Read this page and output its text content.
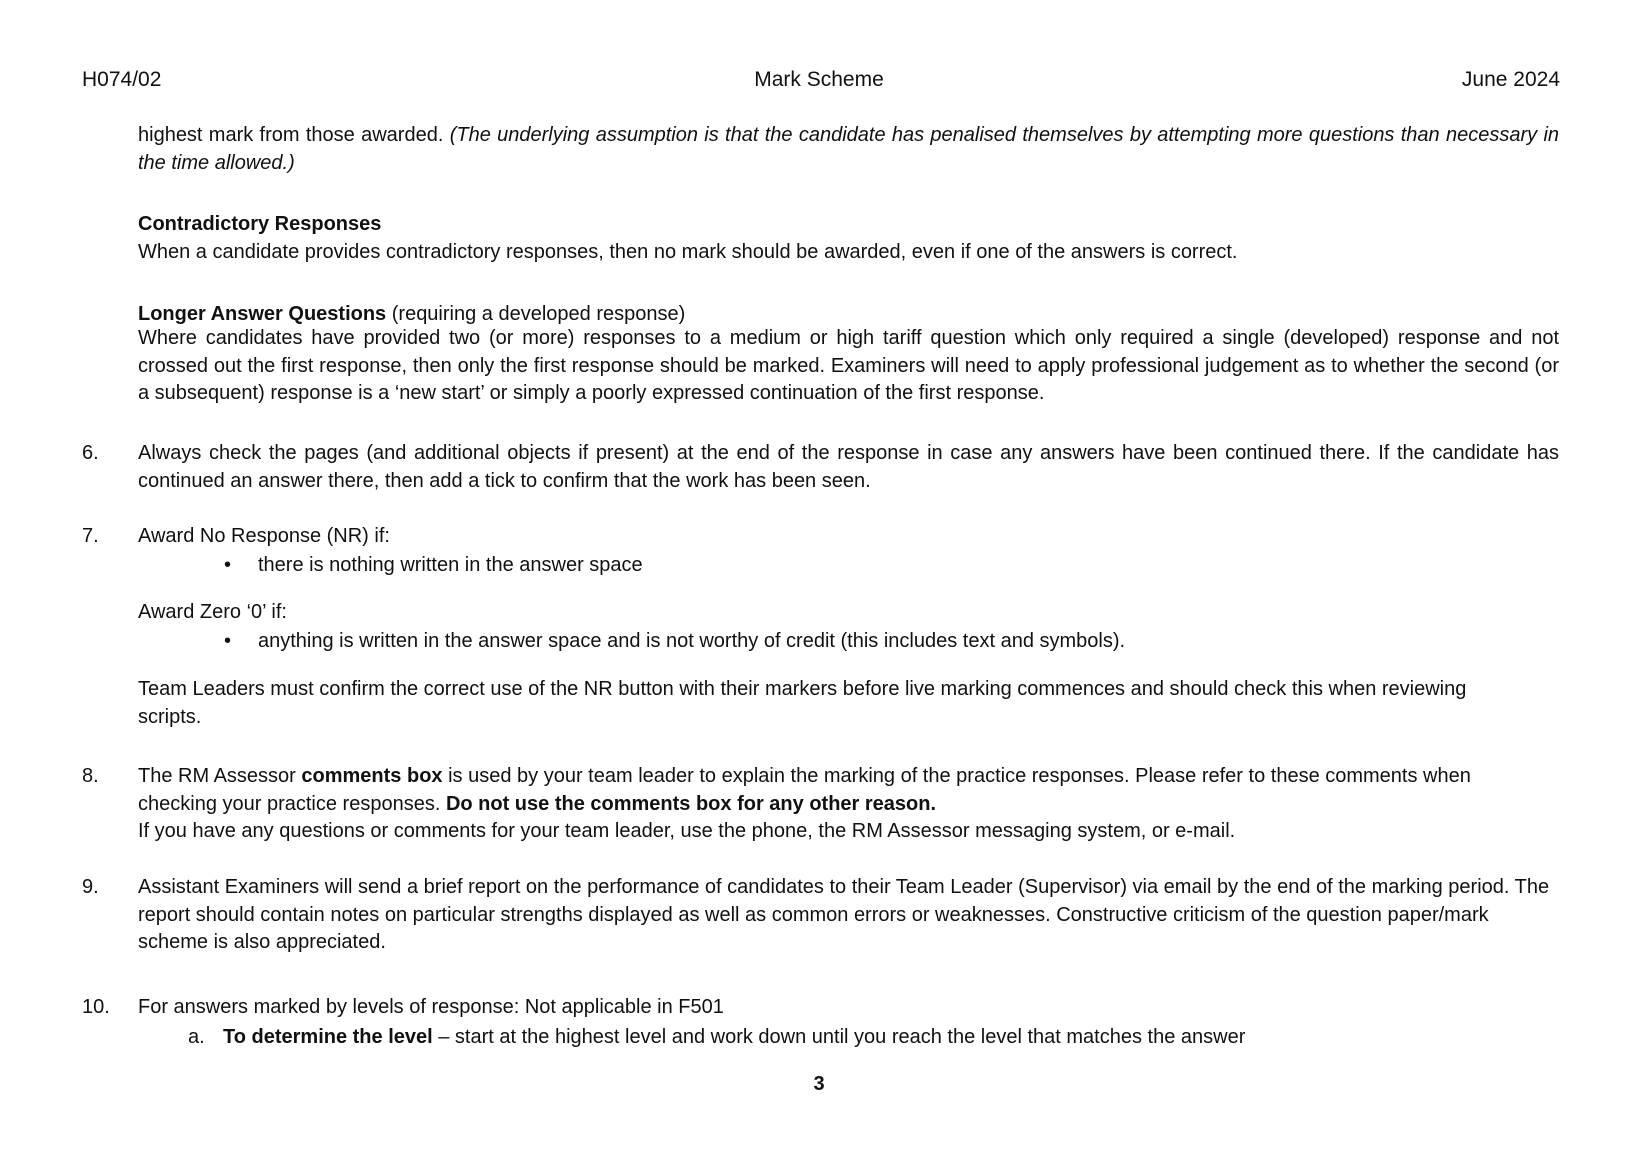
H074/02	Mark Scheme	June 2024
highest mark from those awarded. (The underlying assumption is that the candidate has penalised themselves by attempting more questions than necessary in the time allowed.)
Contradictory Responses
When a candidate provides contradictory responses, then no mark should be awarded, even if one of the answers is correct.
Longer Answer Questions (requiring a developed response)
Where candidates have provided two (or more) responses to a medium or high tariff question which only required a single (developed) response and not crossed out the first response, then only the first response should be marked. Examiners will need to apply professional judgement as to whether the second (or a subsequent) response is a ‘new start’ or simply a poorly expressed continuation of the first response.
6. Always check the pages (and additional objects if present) at the end of the response in case any answers have been continued there. If the candidate has continued an answer there, then add a tick to confirm that the work has been seen.
7. Award No Response (NR) if:
• there is nothing written in the answer space
Award Zero ‘0’ if:
• anything is written in the answer space and is not worthy of credit (this includes text and symbols).
Team Leaders must confirm the correct use of the NR button with their markers before live marking commences and should check this when reviewing scripts.
8. The RM Assessor comments box is used by your team leader to explain the marking of the practice responses. Please refer to these comments when checking your practice responses. Do not use the comments box for any other reason.
If you have any questions or comments for your team leader, use the phone, the RM Assessor messaging system, or e-mail.
9. Assistant Examiners will send a brief report on the performance of candidates to their Team Leader (Supervisor) via email by the end of the marking period. The report should contain notes on particular strengths displayed as well as common errors or weaknesses. Constructive criticism of the question paper/mark scheme is also appreciated.
10. For answers marked by levels of response: Not applicable in F501
a. To determine the level – start at the highest level and work down until you reach the level that matches the answer
3
